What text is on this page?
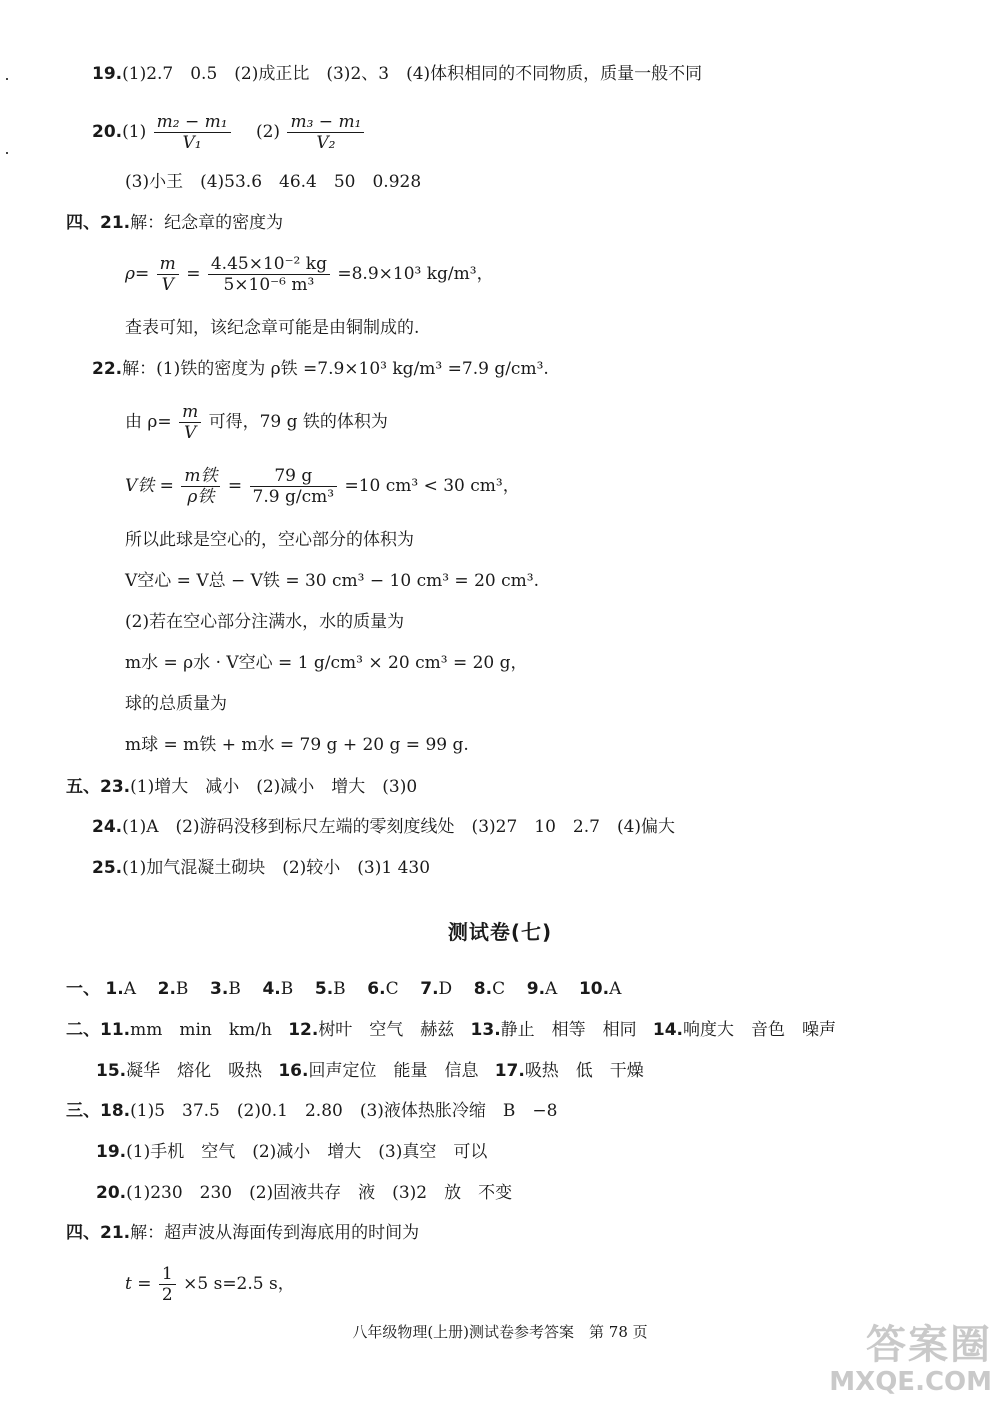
19.(1)2.7　0.5　(2)成正比　(3)2、3　(4)体积相同的不同物质，质量一般不同
$20.(1) \frac{\text{m₂ − m₁}}{\text{V₁}} (2) \frac{\text{m₃ − m₁}}{\text{V₂}}$
(3)小王　(4)53.6　46.4　50　0.928
四、21.解：纪念章的密度为
$\rho= \frac{m}{V} = \frac{\text{4.45×10⁻² kg}}{\text{5×10⁻⁶ m³}} =8.9\times 10^3$ kg/m³，
查表可知，该纪念章可能是由铜制成的.
22.解：(1)铁的密度为 ρ铁 =7.9×10³ kg/m³ =7.9 g/cm³.
由 $\rho= \frac{m}{V}$ 可得，79 g 铁的体积为
V铁 = $\frac{\text{m铁}}{\text{ρ铁}} = \frac{79 g}{\text{7.9 g/cm³}} =10$ cm³ < 30 cm³，
所以此球是空心的，空心部分的体积为
V空心 = V总 − V铁 = 30 cm³ − 10 cm³ = 20 cm³.
(2)若在空心部分注满水，水的质量为
m水 = ρ水 · V空心 = 1 g/cm³ × 20 cm³ = 20 g，
球的总质量为
m球 = m铁 + m水 = 79 g + 20 g = 99 g.
五、23.(1)增大　减小　(2)减小　增大　(3)0
24.(1)A　(2)游码没移到标尺左端的零刻度线处　(3)27　10　2.7　(4)偏大
25.(1)加气混凝土砌块　(2)较小　(3)1 430
测试卷(七)
一、 1.A 2.B 3.B 4.B 5.B 6.C 7.D 8.C 9.A 10.A
二、11.mm　min　km/h 12.树叶　空气　赫兹 13.静止　相等　相同 14.响度大　音色　噪声
15.凝华　熔化　吸热 16.回声定位　能量　信息 17.吸热　低　干燥
三、18.(1)5　37.5　(2)0.1　2.80　(3)液体热胀冷缩　B　−8
19.(1)手机　空气　(2)减小　增大　(3)真空　可以
20.(1)230　230　(2)固液共存　液　(3)2　放　不变
四、21.解：超声波从海面传到海底用的时间为
$t = \frac{1}{2} \times 5$ s=2.5 s，
八年级物理(上册)测试卷参考答案　第 78 页	答案圈
MXQE.COM
